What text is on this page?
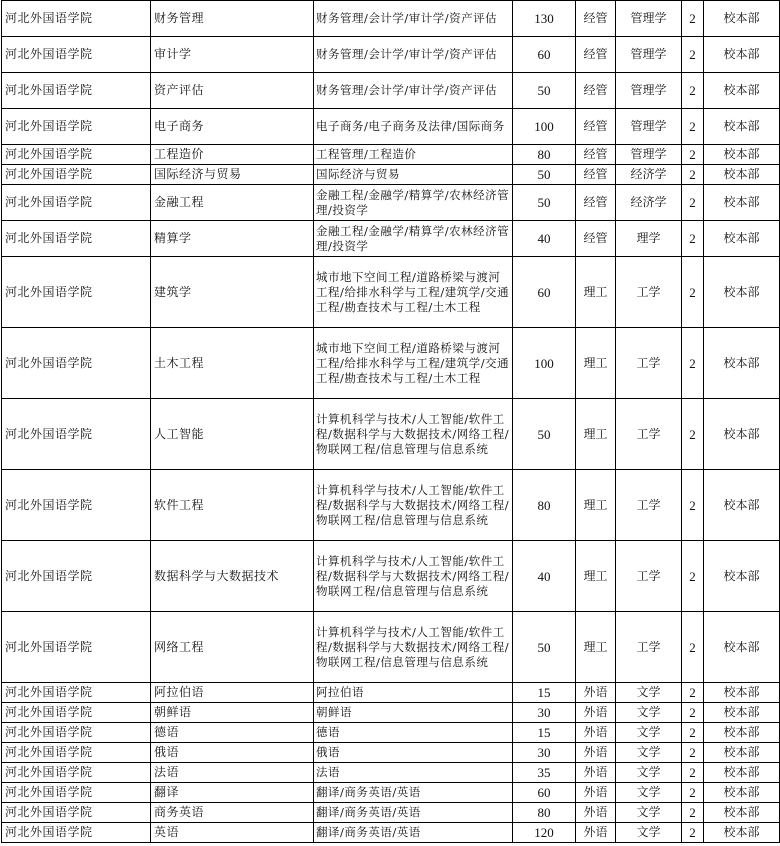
河北外国语学院	财务管理	财务管理/会计学/审计学/资产评估	130	经管	管理学	2	校本部
河北外国语学院	审计学	财务管理/会计学/审计学/资产评估	60	经管	管理学	2	校本部
河北外国语学院	资产评估	财务管理/会计学/审计学/资产评估	50	经管	管理学	2	校本部
河北外国语学院	电子商务	电子商务/电子商务及法律/国际商务	100	经管	管理学	2	校本部
河北外国语学院	工程造价	工程管理/工程造价	80	经管	管理学	2	校本部
河北外国语学院	国际经济与贸易	国际经济与贸易	50	经管	经济学	2	校本部
河北外国语学院	金融工程	金融工程/金融学/精算学/农林经济管理/投资学	50	经管	经济学	2	校本部
河北外国语学院	精算学	金融工程/金融学/精算学/农林经济管理/投资学	40	经管	理学	2	校本部
河北外国语学院	建筑学	城市地下空间工程/道路桥梁与渡河工程/给排水科学与工程/建筑学/交通工程/勘查技术与工程/土木工程	60	理工	工学	2	校本部
河北外国语学院	土木工程	城市地下空间工程/道路桥梁与渡河工程/给排水科学与工程/建筑学/交通工程/勘查技术与工程/土木工程	100	理工	工学	2	校本部
河北外国语学院	人工智能	计算机科学与技术/人工智能/软件工程/数据科学与大数据技术/网络工程/物联网工程/信息管理与信息系统	50	理工	工学	2	校本部
河北外国语学院	软件工程	计算机科学与技术/人工智能/软件工程/数据科学与大数据技术/网络工程/物联网工程/信息管理与信息系统	80	理工	工学	2	校本部
河北外国语学院	数据科学与大数据技术	计算机科学与技术/人工智能/软件工程/数据科学与大数据技术/网络工程/物联网工程/信息管理与信息系统	40	理工	工学	2	校本部
河北外国语学院	网络工程	计算机科学与技术/人工智能/软件工程/数据科学与大数据技术/网络工程/物联网工程/信息管理与信息系统	50	理工	工学	2	校本部
河北外国语学院	阿拉伯语	阿拉伯语	15	外语	文学	2	校本部
河北外国语学院	朝鲜语	朝鲜语	30	外语	文学	2	校本部
河北外国语学院	德语	德语	15	外语	文学	2	校本部
河北外国语学院	俄语	俄语	30	外语	文学	2	校本部
河北外国语学院	法语	法语	35	外语	文学	2	校本部
河北外国语学院	翻译	翻译/商务英语/英语	60	外语	文学	2	校本部
河北外国语学院	商务英语	翻译/商务英语/英语	80	外语	文学	2	校本部
河北外国语学院	英语	翻译/商务英语/英语	120	外语	文学	2	校本部
